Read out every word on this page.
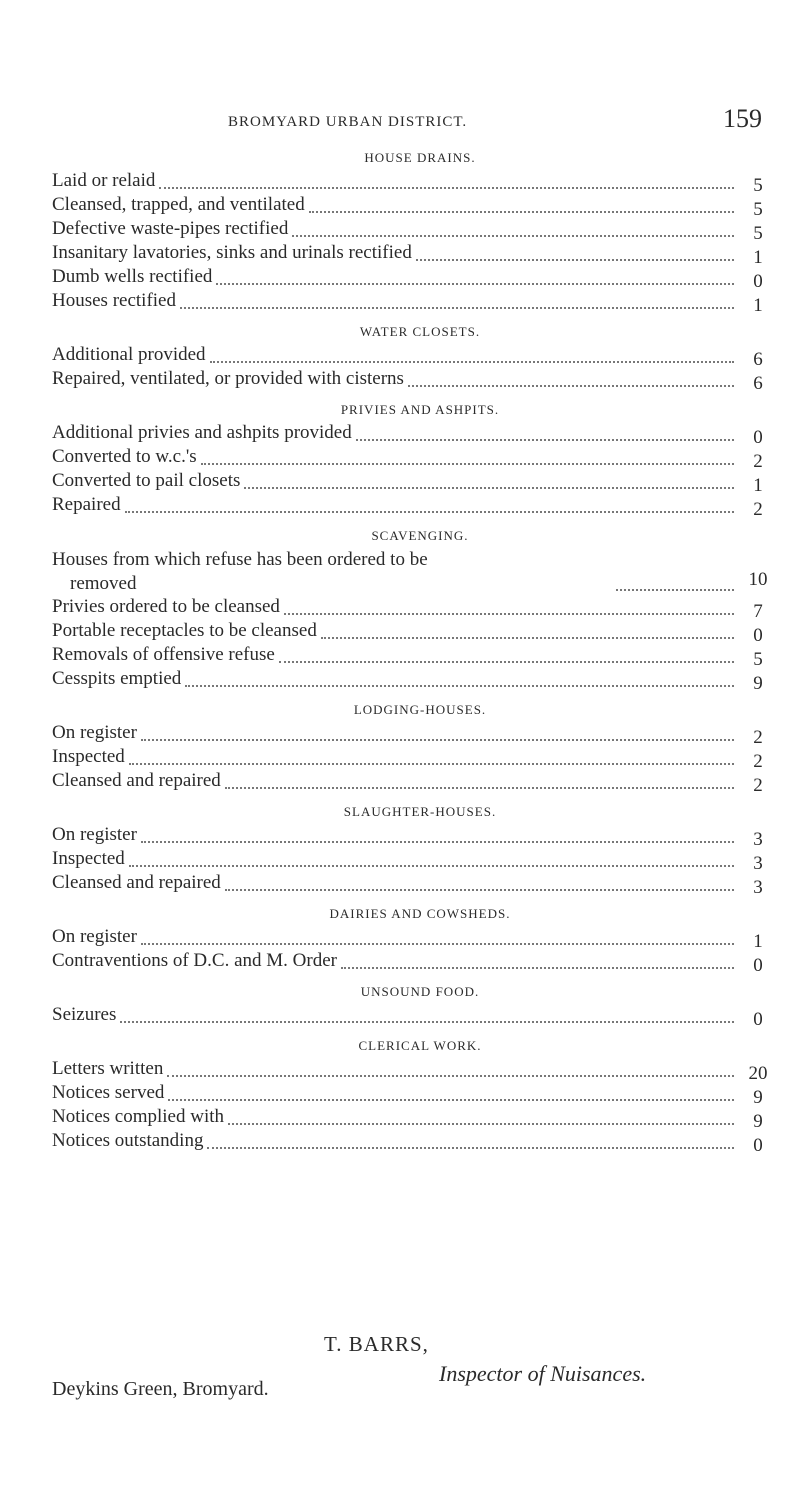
BROMYARD URBAN DISTRICT.	159
HOUSE DRAINS.
Laid or relaid	5
Cleansed, trapped, and ventilated	5
Defective waste-pipes rectified	5
Insanitary lavatories, sinks and urinals rectified	1
Dumb wells rectified	0
Houses rectified	1
WATER CLOSETS.
Additional provided	6
Repaired, ventilated, or provided with cisterns	6
PRIVIES AND ASHPITS.
Additional privies and ashpits provided	0
Converted to w.c.'s	2
Converted to pail closets	1
Repaired	2
SCAVENGING.
Houses from which refuse has been ordered to be
removed	10
Privies ordered to be cleansed	7
Portable receptacles to be cleansed	0
Removals of offensive refuse	5
Cesspits emptied	9
LODGING-HOUSES.
On register	2
Inspected	2
Cleansed and repaired	2
SLAUGHTER-HOUSES.
On register	3
Inspected	3
Cleansed and repaired	3
DAIRIES AND COWSHEDS.
On register	1
Contraventions of D.C. and M. Order	0
UNSOUND FOOD.
Seizures	0
CLERICAL WORK.
Letters written	20
Notices served	9
Notices complied with	9
Notices outstanding	0
T. BARRS,
Inspector of Nuisances.
Deykins Green, Bromyard.
